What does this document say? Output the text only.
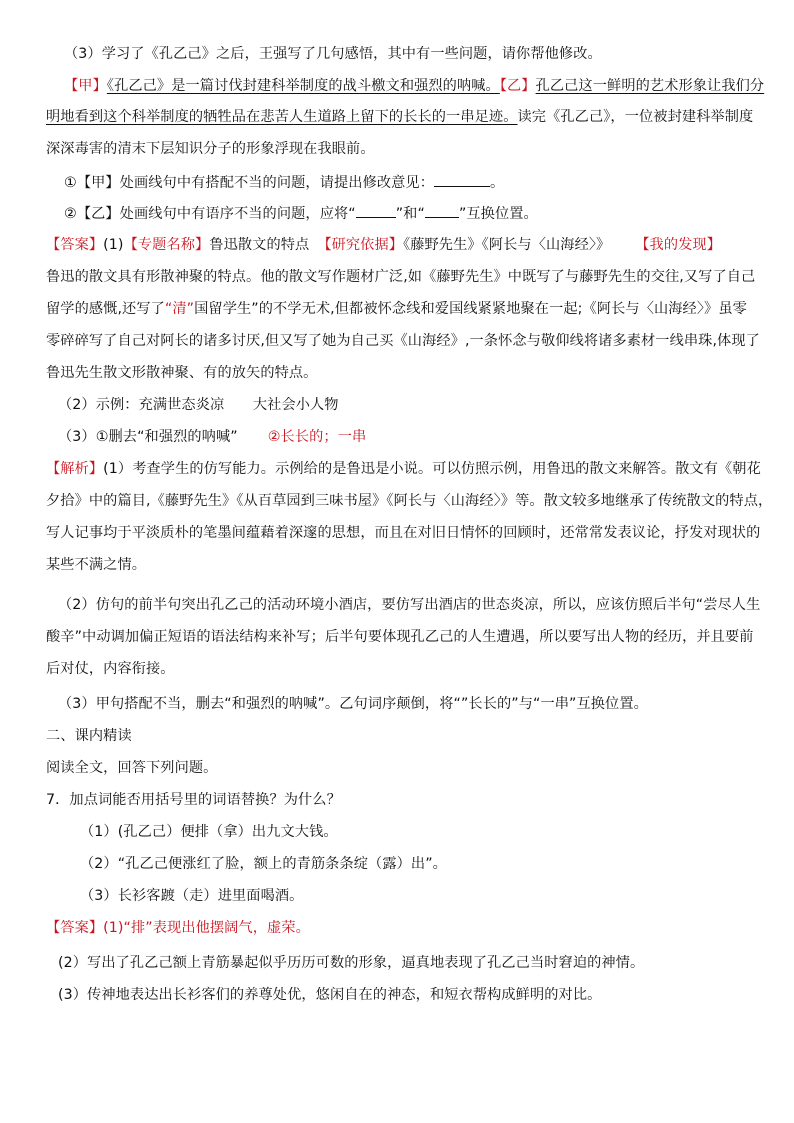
（3）学习了《孔乙己》之后，王强写了几句感悟，其中有一些问题，请你帮他修改。
【甲】《孔乙己》是一篇讨伐封建科举制度的战斗檄文和强烈的呐喊。【乙】孔乙己这一鲜明的艺术形象让我们分
明地看到这个科举制度的牺牲品在悲苦人生道路上留下的长长的一串足迹。读完《孔乙己》，一位被封建科举制度
深深毒害的清末下层知识分子的形象浮现在我眼前。
①【甲】处画线句中有搭配不当的问题，请提出修改意见：	。
②【乙】处画线句中有语序不当的问题，应将“	”和“ ”互换位置。
【答案】(1)【专题名称】鲁迅散文的特点 【研究依据】《藤野先生》《阿长与〈山海经〉》 【我的发现】
鲁迅的散文具有形散神聚的特点。他的散文写作题材广泛,如《藤野先生》中既写了与藤野先生的交往,又写了自己
留学的感慨,还写了“清”国留学生”的不学无术,但都被怀念线和爱国线紧紧地聚在一起;《阿长与〈山海经〉》虽零
零碎碎写了自己对阿长的诸多讨厌,但又写了她为自己买《山海经》,一条怀念与敬仰线将诸多素材一线串珠,体现了
鲁迅先生散文形散神聚、有的放矢的特点。
（2）示例：充满世态炎凉　　大社会小人物
（3）①删去“和强烈的呐喊” ②长长的；一串
【解析】(1）考查学生的仿写能力。示例给的是鲁迅是小说。可以仿照示例，用鲁迅的散文来解答。散文有《朝花
夕拾》中的篇目,《藤野先生》《从百草园到三味书屋》《阿长与〈山海经〉》等。散文较多地继承了传统散文的特点，
写人记事均于平淡质朴的笔墨间蕴藉着深邃的思想，而且在对旧日情怀的回顾时，还常常发表议论，抒发对现状的
某些不满之情。
（2）仿句的前半句突出孔乙己的活动环境小酒店，要仿写出酒店的世态炎凉，所以，应该仿照后半句“尝尽人生
酸辛”中动调加偏正短语的语法结构来补写；后半句要体现孔乙己的人生遭遇，所以要写出人物的经历，并且要前
后对仗，内容衔接。
（3）甲句搭配不当，删去“和强烈的呐喊”。乙句词序颠倒，将“”长长的”与“一串”互换位置。
二、课内精读
阅读全文，回答下列问题。
7．加点词能否用括号里的词语替换？为什么？
（1）(孔乙己）便排（拿）出九文大钱。
（2）“孔乙己便涨红了脸，额上的青筋条条绽（露）出”。
（3）长衫客踱（走）进里面喝酒。
【答案】(1)“排”表现出他摆阔气，虚荣。
(2）写出了孔乙己额上青筋暴起似乎历历可数的形象，逼真地表现了孔乙己当时窘迫的神情。
(3）传神地表达出长衫客们的养尊处优，悠闲自在的神态，和短衣帮构成鲜明的对比。
